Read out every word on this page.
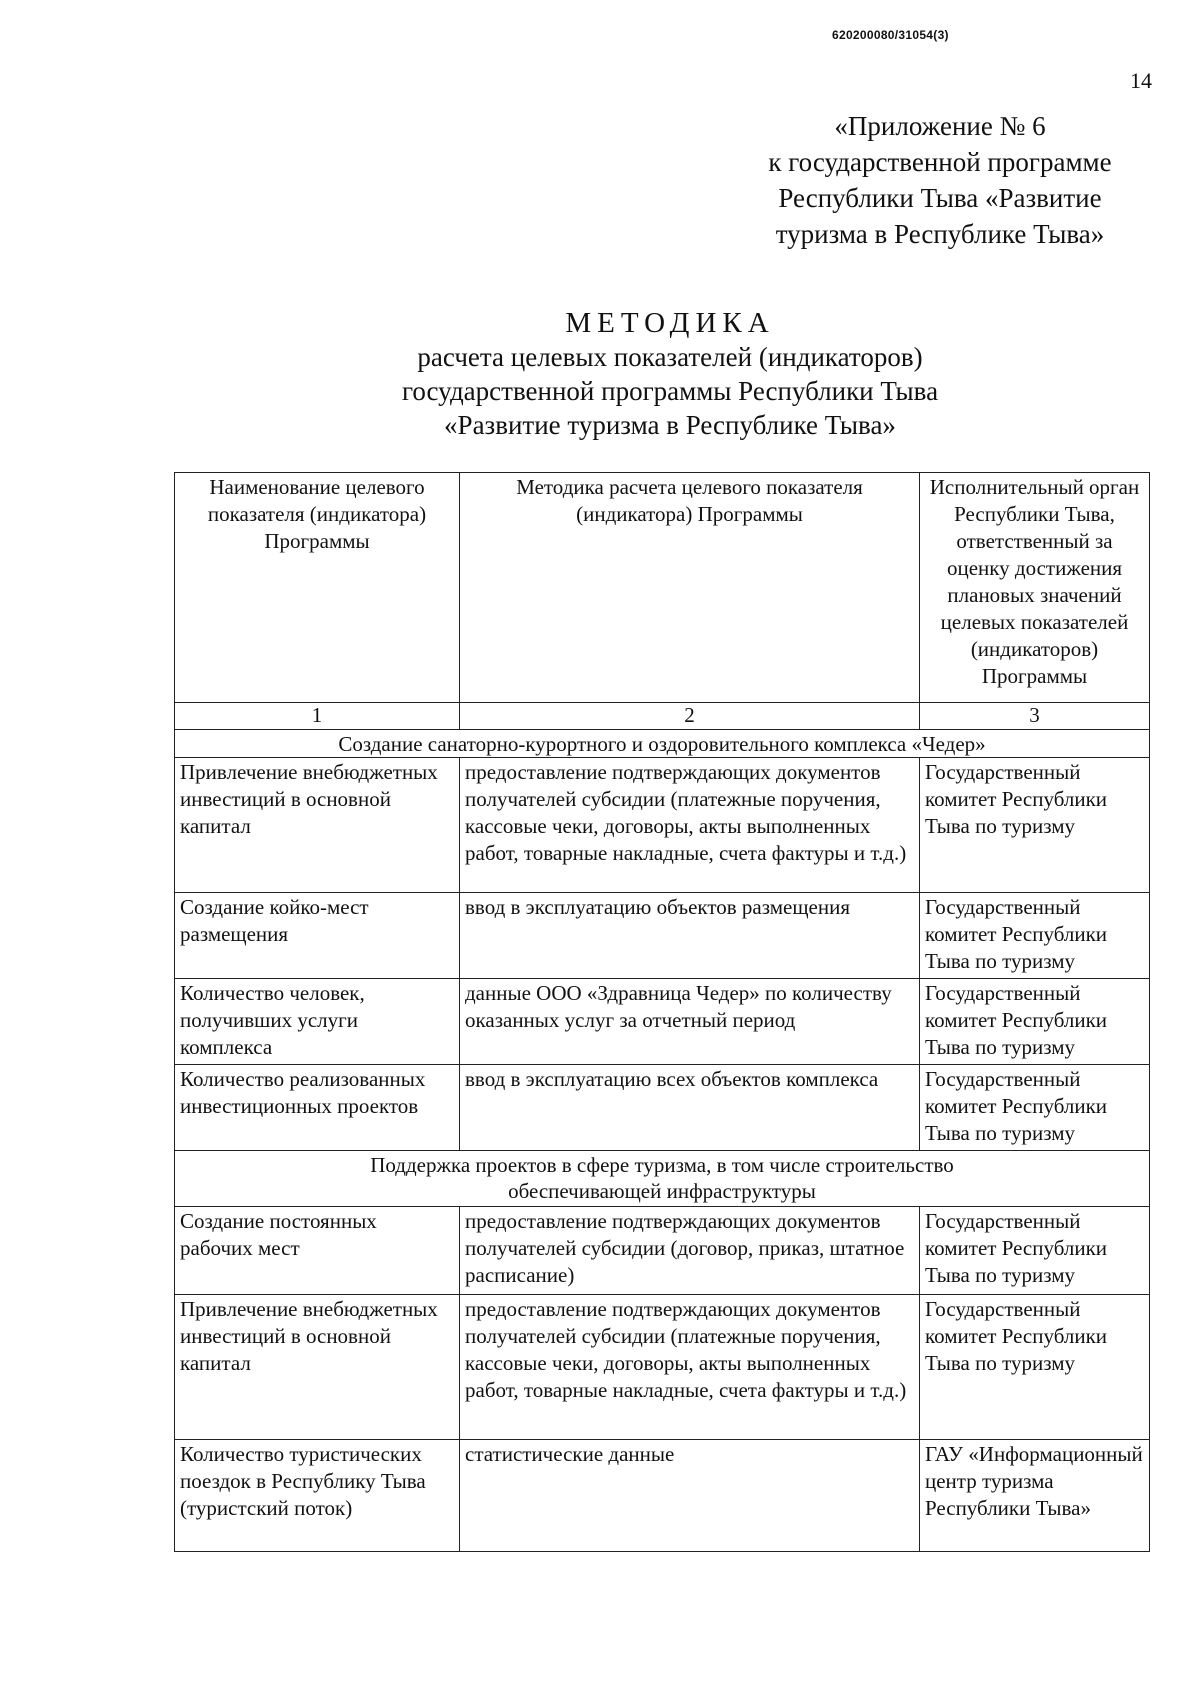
620200080/31054(3)
14
«Приложение № 6
к государственной программе
Республики Тыва «Развитие
туризма в Республике Тыва»
МЕТОДИКА
расчета целевых показателей (индикаторов)
государственной программы Республики Тыва
«Развитие туризма в Республике Тыва»
Наименование целевого показателя (индикатора) Программы	Методика расчета целевого показателя (индикатора) Программы	Исполнительный орган Республики Тыва, ответственный за оценку достижения плановых значений целевых показателей (индикаторов) Программы
1	2	3
Создание санаторно-курортного и оздоровительного комплекса «Чедер»		
Привлечение внебюджетных инвестиций в основной капитал	предоставление подтверждающих документов получателей субсидии (платежные поручения, кассовые чеки, договоры, акты выполненных работ, товарные накладные, счета фактуры и т.д.)	Государственный комитет Республики Тыва по туризму
Создание койко-мест размещения	ввод в эксплуатацию объектов размещения	Государственный комитет Республики Тыва по туризму
Количество человек, получивших услуги комплекса	данные ООО «Здравница Чедер» по количеству оказанных услуг за отчетный период	Государственный комитет Республики Тыва по туризму
Количество реализованных инвестиционных проектов	ввод в эксплуатацию всех объектов комплекса	Государственный комитет Республики Тыва по туризму

Поддержка проектов в сфере туризма, в том числе строительство обеспечивающей инфраструктуры		

Создание постоянных рабочих мест	предоставление подтверждающих документов получателей субсидии (договор, приказ, штатное расписание)	Государственный комитет Республики Тыва по туризму
Привлечение внебюджетных инвестиций в основной капитал	предоставление подтверждающих документов получателей субсидии (платежные поручения, кассовые чеки, договоры, акты выполненных работ, товарные накладные, счета фактуры и т.д.)	Государственный комитет Республики Тыва по туризму
Количество туристических поездок в Республику Тыва (туристский поток)	статистические данные	ГАУ «Информационный центр туризма Республики Тыва»
